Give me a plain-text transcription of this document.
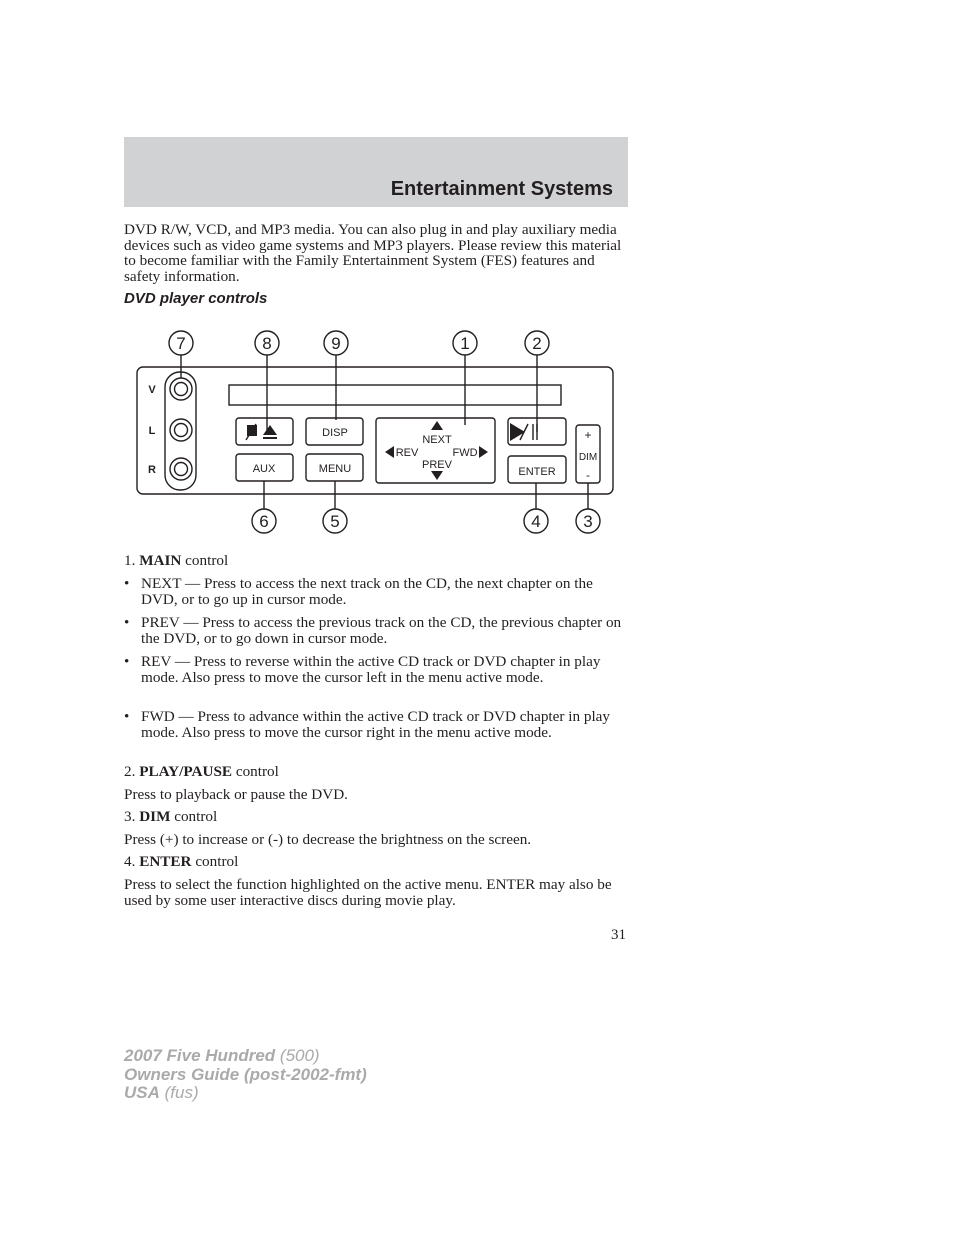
Entertainment Systems
DVD R/W, VCD, and MP3 media. You can also plug in and play auxiliary media devices such as video game systems and MP3 players. Please review this material to become familiar with the Family Entertainment System (FES) features and safety information.
DVD player controls
7	8	9	1	2
6	5	4	3
V
L
R
DISP
AUX	MENU	ENTER
NEXT
PREV
REV	FWD	DIM
+
-
1. MAIN control
• NEXT — Press to access the next track on the CD, the next chapter on the DVD, or to go up in cursor mode.
• PREV — Press to access the previous track on the CD, the previous chapter on the DVD, or to go down in cursor mode.
• REV — Press to reverse within the active CD track or DVD chapter in play mode. Also press to move the cursor left in the menu active mode.
• FWD — Press to advance within the active CD track or DVD chapter in play mode. Also press to move the cursor right in the menu active mode.
2. PLAY/PAUSE control
Press to playback or pause the DVD.
3. DIM control
Press (+) to increase or (-) to decrease the brightness on the screen.
4. ENTER control
Press to select the function highlighted on the active menu. ENTER may also be used by some user interactive discs during movie play.
31
2007 Five Hundred (500)
Owners Guide (post-2002-fmt)
USA (fus)
